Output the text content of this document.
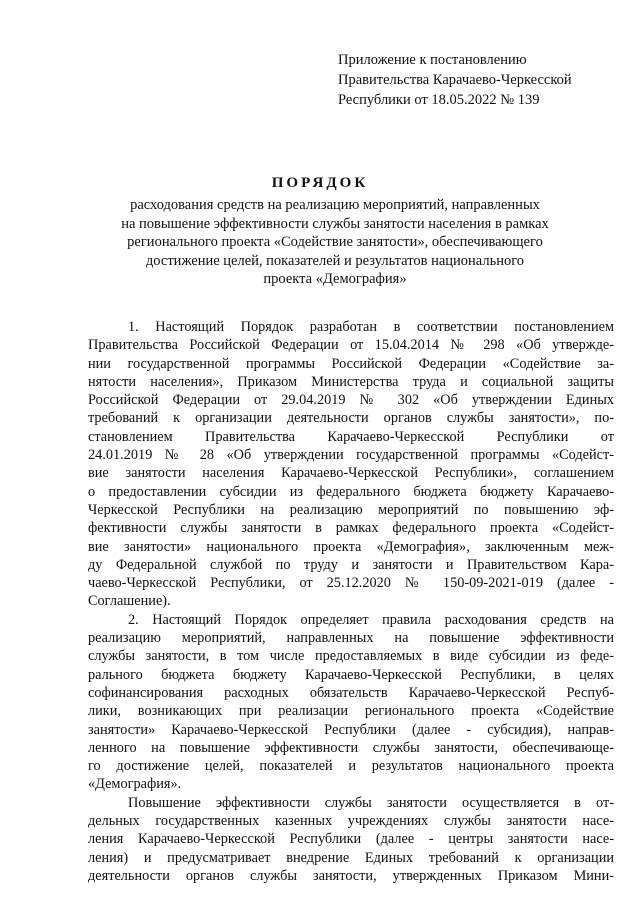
Приложение к постановлению
Правительства Карачаево-Черкесской
Республики от 18.05.2022 № 139
ПОРЯДОК
расходования средств на реализацию мероприятий, направленных
на повышение эффективности службы занятости населения в рамках
регионального проекта «Содействие занятости», обеспечивающего
достижение целей, показателей и результатов национального
проекта «Демография»
1. Настоящий Порядок разработан в соответствии постановлением
Правительства Российской Федерации от 15.04.2014 № 298 «Об утвержде-
нии государственной программы Российской Федерации «Содействие за-
нятости населения», Приказом Министерства труда и социальной защиты
Российской Федерации от 29.04.2019 № 302 «Об утверждении Единых
требований к организации деятельности органов службы занятости», по-
становлением Правительства Карачаево-Черкесской Республики от
24.01.2019 № 28 «Об утверждении государственной программы «Содейст-
вие занятости населения Карачаево-Черкесской Республики», соглашением
о предоставлении субсидии из федерального бюджета бюджету Карачаево-
Черкесской Республики на реализацию мероприятий по повышению эф-
фективности службы занятости в рамках федерального проекта «Содейст-
вие занятости» национального проекта «Демография», заключенным меж-
ду Федеральной службой по труду и занятости и Правительством Кара-
чаево-Черкесской Республики, от 25.12.2020 № 150-09-2021-019 (далее -
Соглашение).
2. Настоящий Порядок определяет правила расходования средств на
реализацию мероприятий, направленных на повышение эффективности
службы занятости, в том числе предоставляемых в виде субсидии из феде-
рального бюджета бюджету Карачаево-Черкесской Республики, в целях
софинансирования расходных обязательств Карачаево-Черкесской Респуб-
лики, возникающих при реализации регионального проекта «Содействие
занятости» Карачаево-Черкесской Республики (далее - субсидия), направ-
ленного на повышение эффективности службы занятости, обеспечивающе-
го достижение целей, показателей и результатов национального проекта
«Демография».
Повышение эффективности службы занятости осуществляется в от-
дельных государственных казенных учреждениях службы занятости насе-
ления Карачаево-Черкесской Республики (далее - центры занятости насе-
ления) и предусматривает внедрение Единых требований к организации
деятельности органов службы занятости, утвержденных Приказом Мини-
